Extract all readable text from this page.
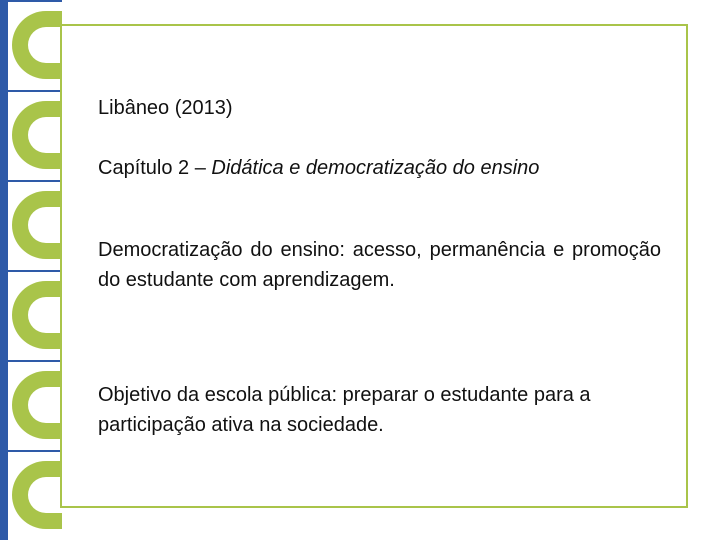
Libâneo (2013)

Capítulo 2 – Didática e democratização do ensino

Democratização do ensino: acesso, permanência e promoção do estudante com aprendizagem.

Objetivo da escola pública: preparar o estudante para a participação ativa na sociedade.
